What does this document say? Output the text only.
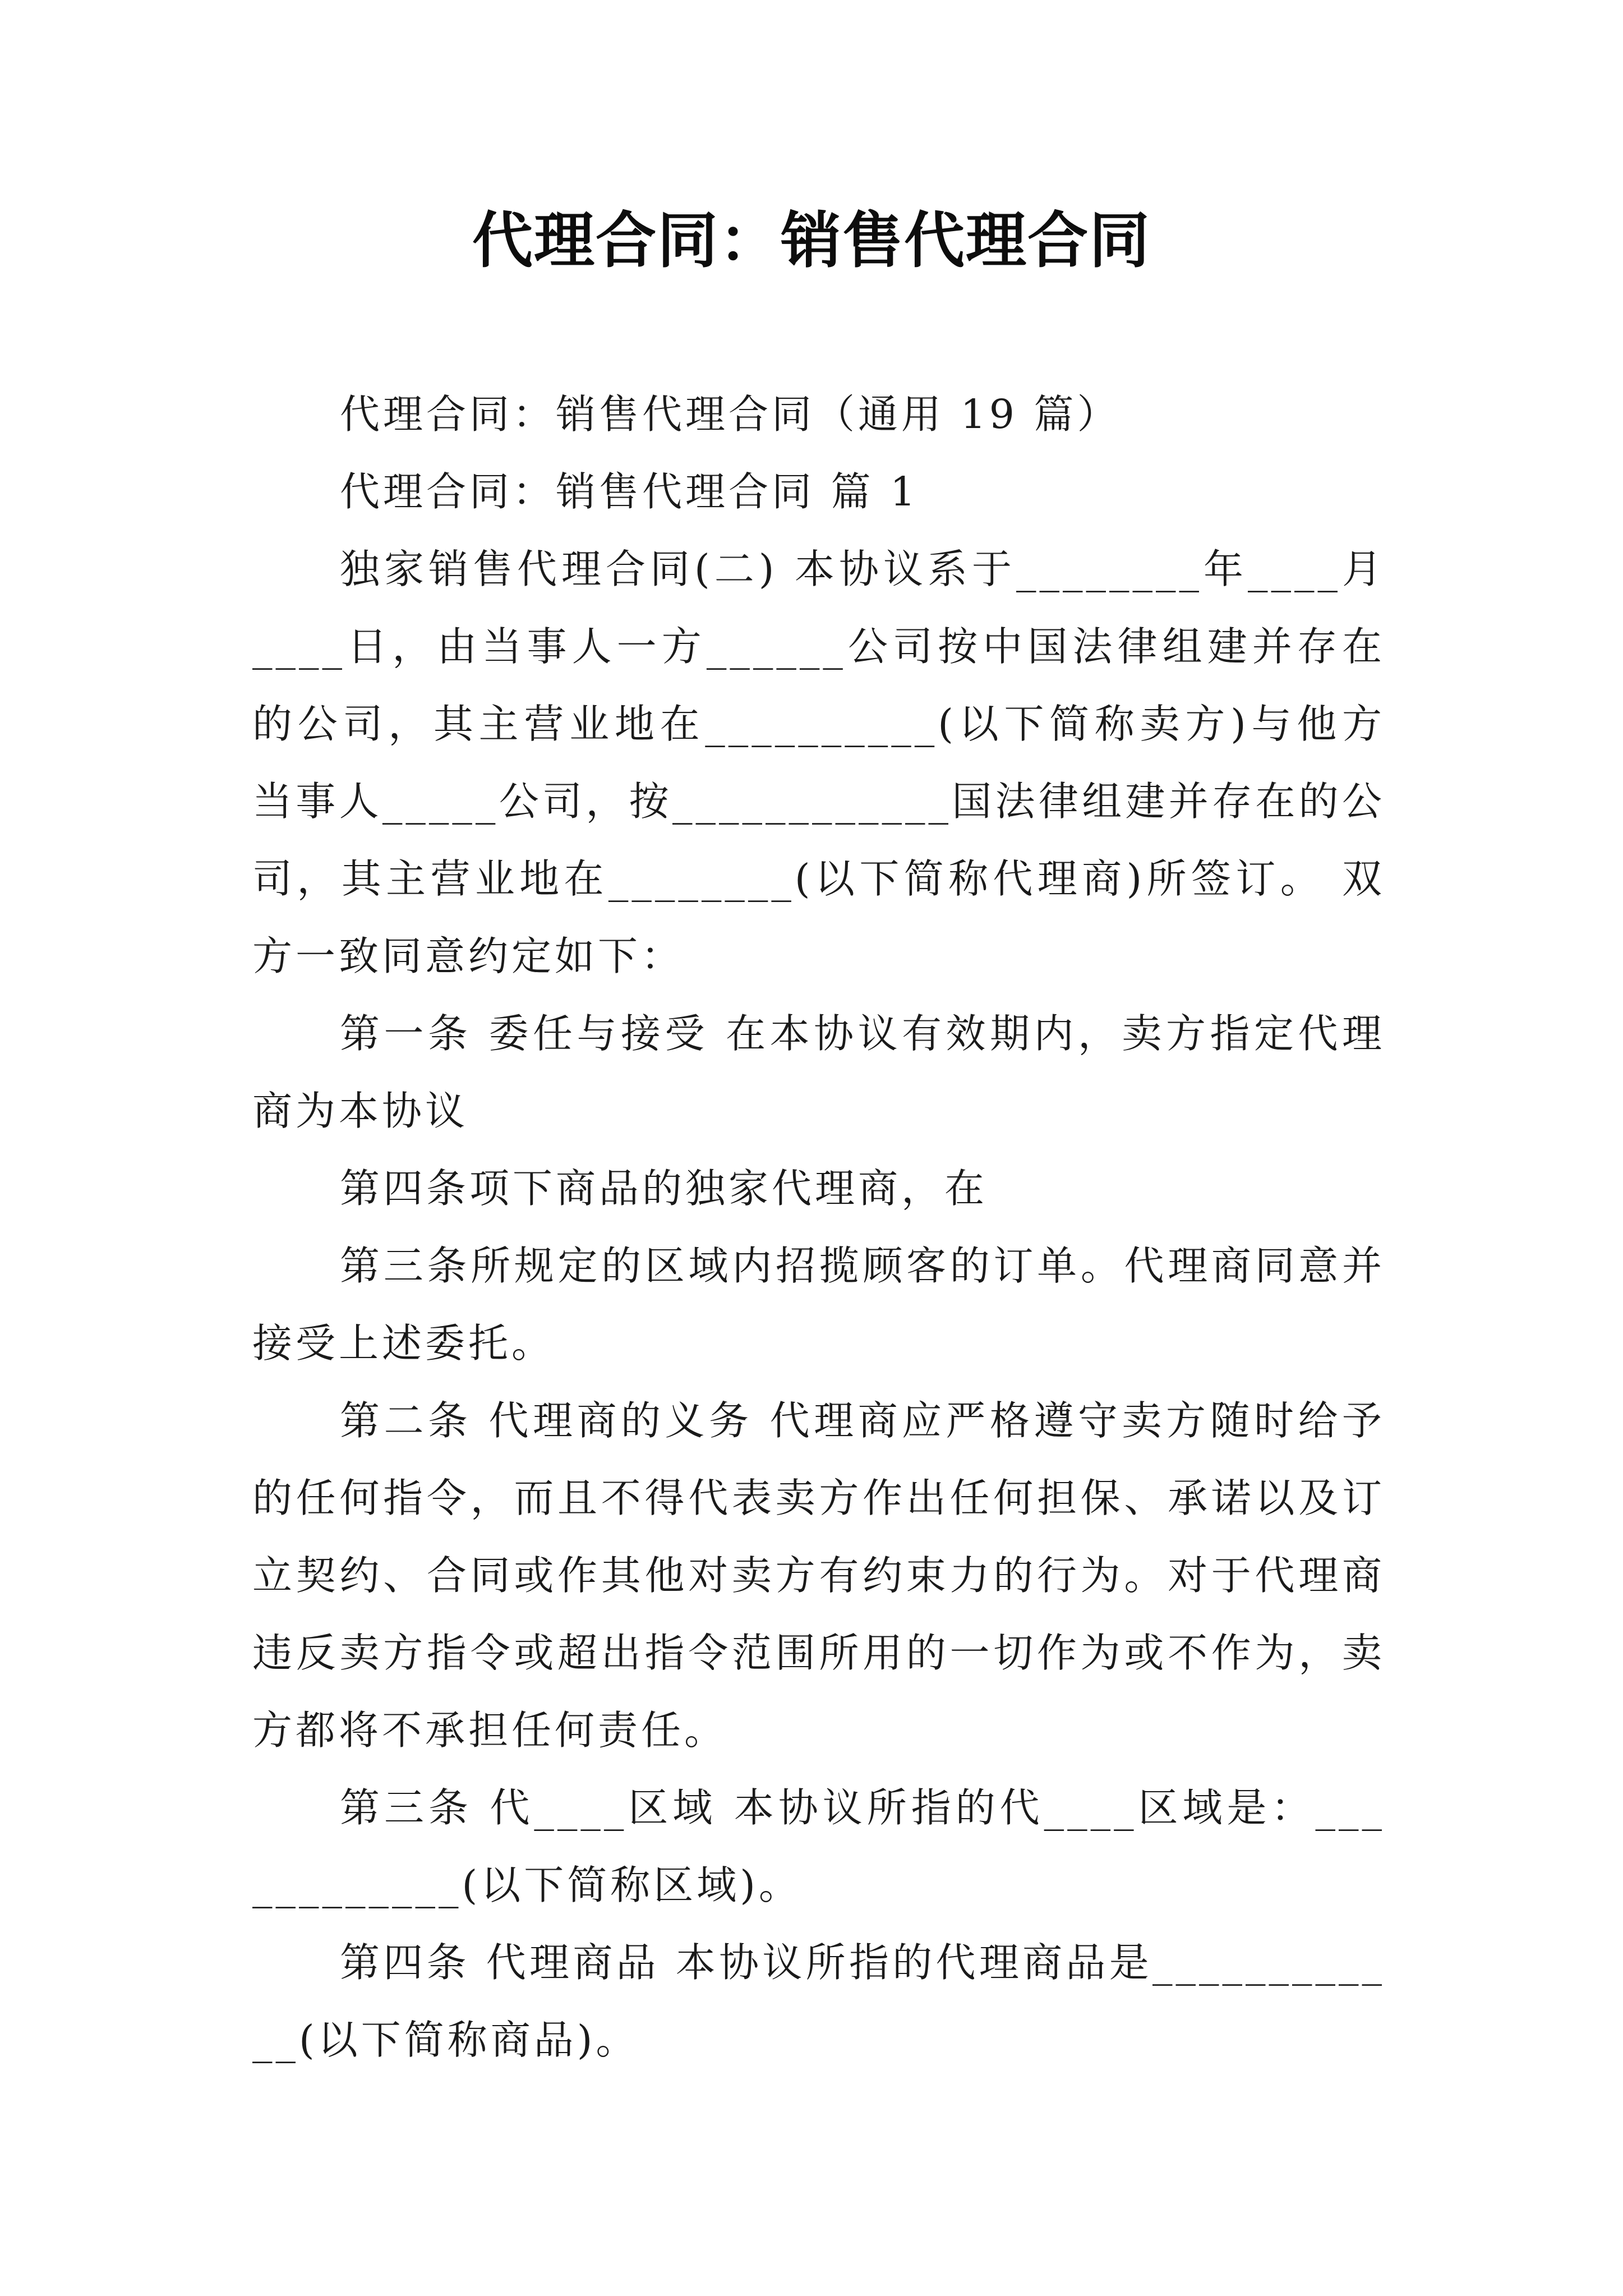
代理合同：销售代理合同

代理合同：销售代理合同（通用 19 篇）

代理合同：销售代理合同 篇 1

独家销售代理合同(二) 本协议系于________年____月____日，由当事人一方______公司按中国法律组建并存在的公司，其主营业地在__________(以下简称卖方)与他方当事人_____公司，按____________国法律组建并存在的公司，其主营业地在________(以下简称代理商)所签订。 双方一致同意约定如下：

第一条 委任与接受 在本协议有效期内，卖方指定代理商为本协议

第四条项下商品的独家代理商，在

第三条所规定的区域内招揽顾客的订单。代理商同意并接受上述委托。

第二条 代理商的义务 代理商应严格遵守卖方随时给予的任何指令，而且不得代表卖方作出任何担保、承诺以及订立契约、合同或作其他对卖方有约束力的行为。对于代理商违反卖方指令或超出指令范围所用的一切作为或不作为，卖方都将不承担任何责任。

第三条 代____区域 本协议所指的代____区域是：____________(以下简称区域)。

第四条 代理商品 本协议所指的代理商品是____________(以下简称商品)。
